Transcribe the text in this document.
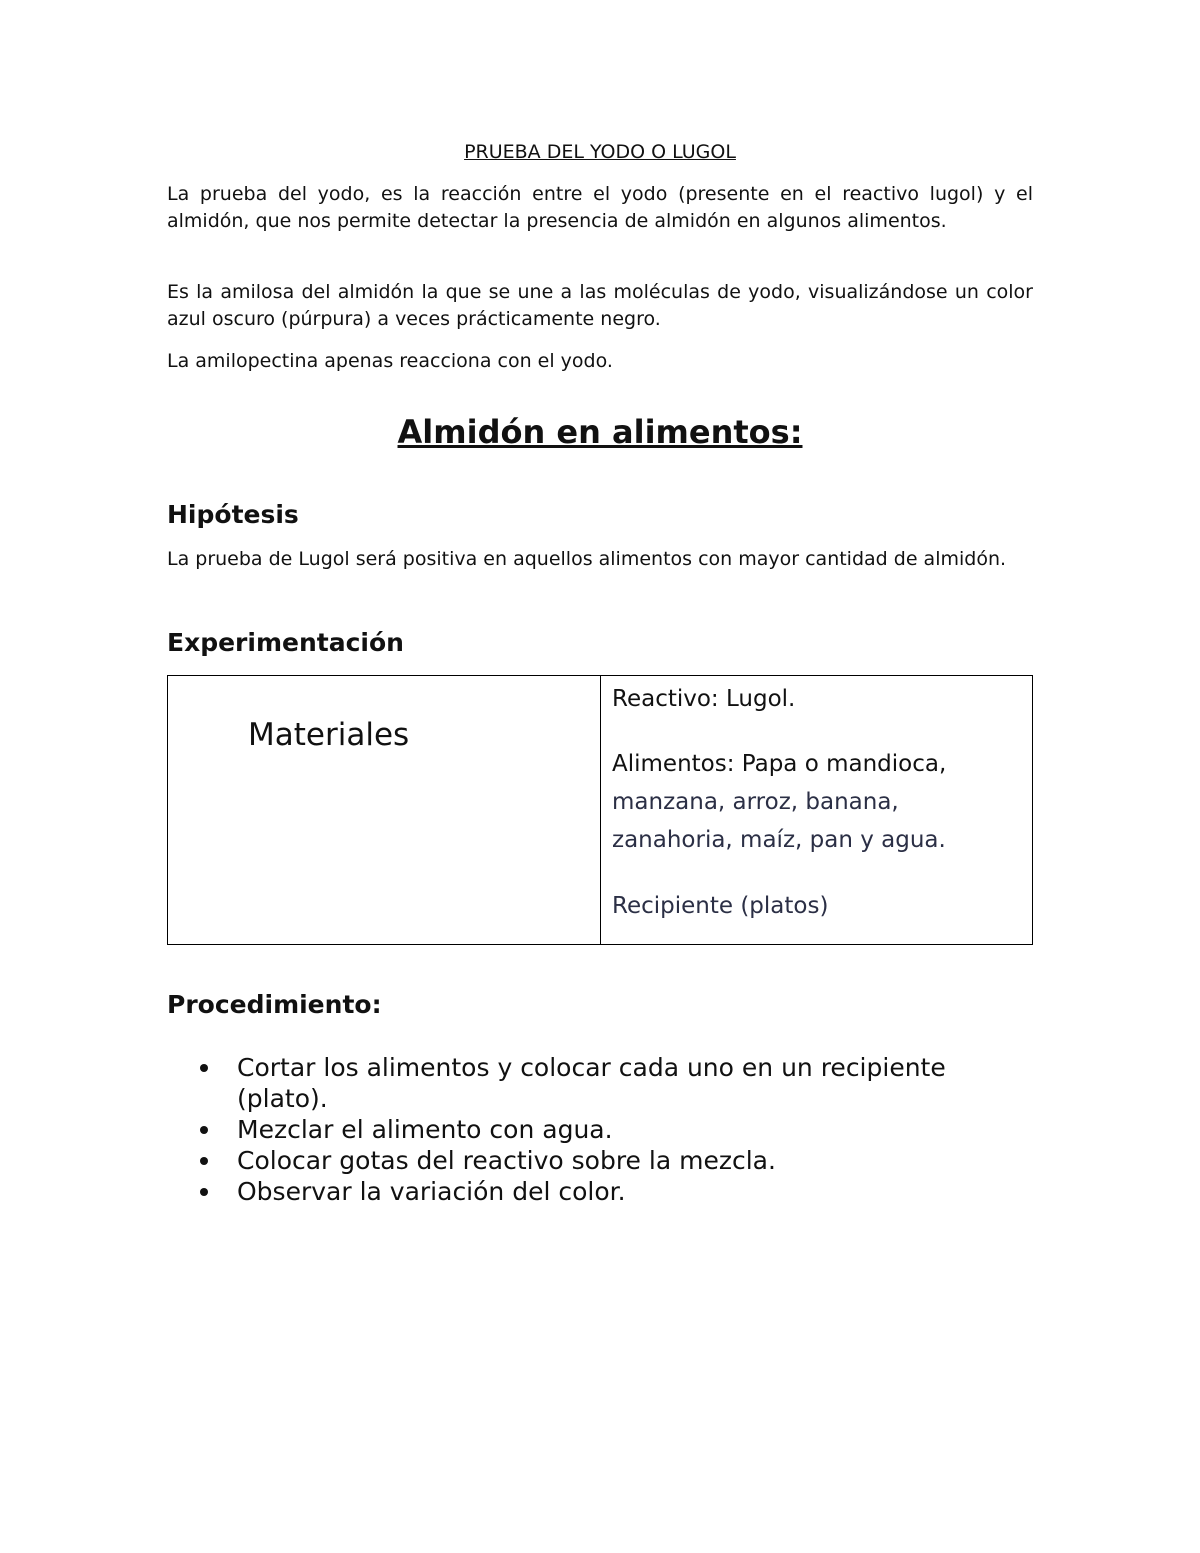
PRUEBA DEL YODO O LUGOL

La prueba del yodo, es la reacción entre el yodo (presente en el reactivo lugol) y el almidón, que nos permite detectar la presencia de almidón en algunos alimentos.

Es la amilosa del almidón la que se une a las moléculas de yodo, visualizándose un color azul oscuro (púrpura) a veces prácticamente negro.

La amilopectina apenas reacciona con el yodo.

Almidón en alimentos:
Hipótesis

La prueba de Lugol será positiva en aquellos alimentos con mayor cantidad de almidón.

Experimentación
Materiales
Reactivo: Lugol.
Alimentos: Papa o mandioca,
manzana, arroz, banana,
zanahoria, maíz, pan y agua.
Recipiente (platos)
Procedimiento:
Cortar los alimentos y colocar cada uno en un recipiente (plato).
Mezclar el alimento con agua.
Colocar gotas del reactivo sobre la mezcla.
Observar la variación del color.
